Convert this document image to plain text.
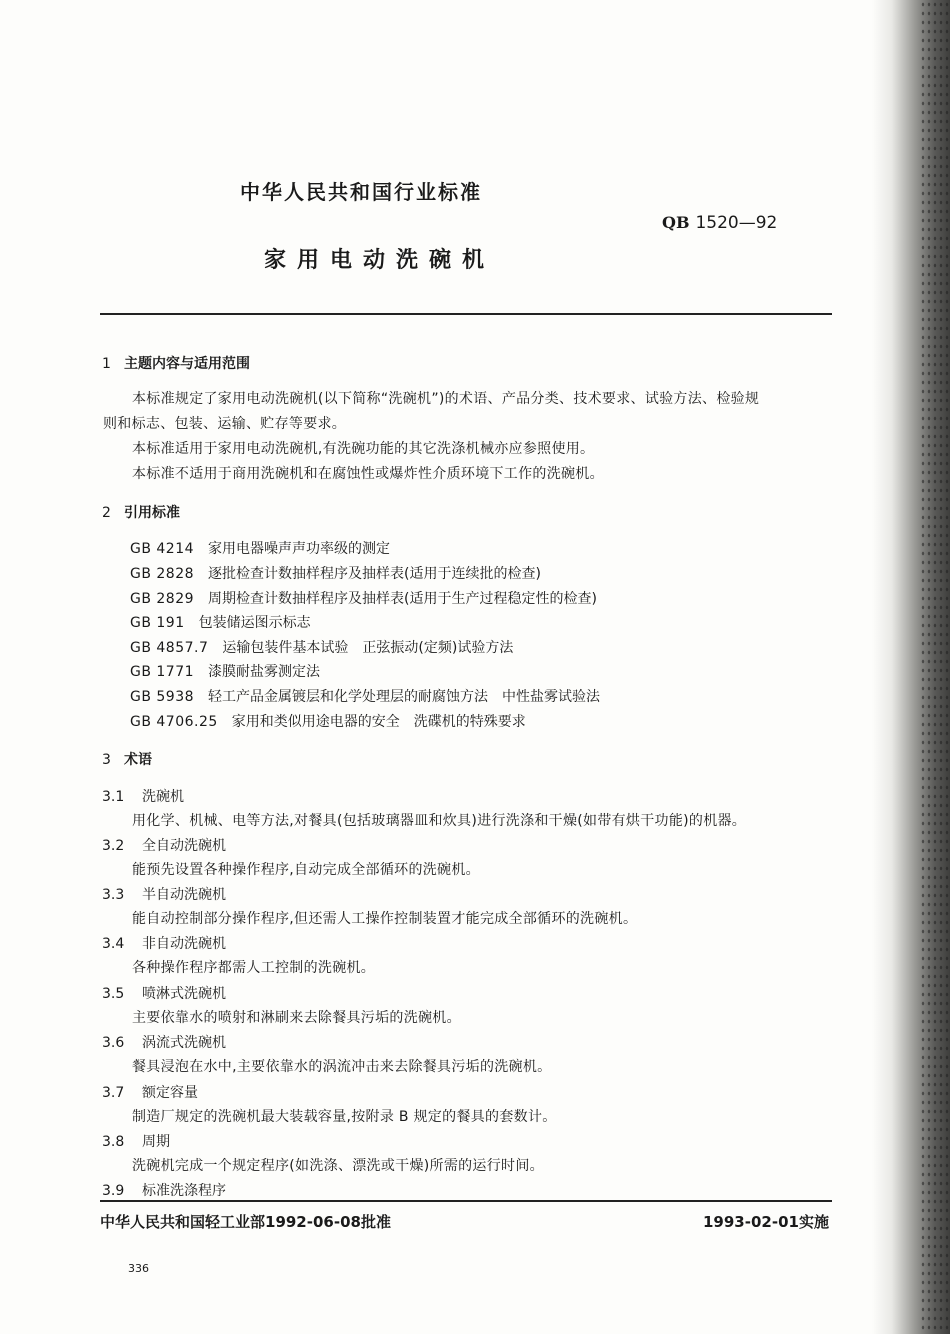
中华人民共和国行业标准
QB 1520—92
家用电动洗碗机
1 主题内容与适用范围
本标准规定了家用电动洗碗机(以下简称“洗碗机”)的术语、产品分类、技术要求、试验方法、检验规
则和标志、包装、运输、贮存等要求。
本标准适用于家用电动洗碗机,有洗碗功能的其它洗涤机械亦应参照使用。
本标准不适用于商用洗碗机和在腐蚀性或爆炸性介质环境下工作的洗碗机。
2 引用标准
GB 4214 家用电器噪声声功率级的测定
GB 2828 逐批检查计数抽样程序及抽样表(适用于连续批的检查)
GB 2829 周期检查计数抽样程序及抽样表(适用于生产过程稳定性的检查)
GB 191 包装储运图示标志
GB 4857.7 运输包装件基本试验　正弦振动(定频)试验方法
GB 1771 漆膜耐盐雾测定法
GB 5938 轻工产品金属镀层和化学处理层的耐腐蚀方法　中性盐雾试验法
GB 4706.25 家用和类似用途电器的安全　洗碟机的特殊要求
3 术语
3.1 洗碗机
用化学、机械、电等方法,对餐具(包括玻璃器皿和炊具)进行洗涤和干燥(如带有烘干功能)的机器。
3.2 全自动洗碗机
能预先设置各种操作程序,自动完成全部循环的洗碗机。
3.3 半自动洗碗机
能自动控制部分操作程序,但还需人工操作控制装置才能完成全部循环的洗碗机。
3.4 非自动洗碗机
各种操作程序都需人工控制的洗碗机。
3.5 喷淋式洗碗机
主要依靠水的喷射和淋刷来去除餐具污垢的洗碗机。
3.6 涡流式洗碗机
餐具浸泡在水中,主要依靠水的涡流冲击来去除餐具污垢的洗碗机。
3.7 额定容量
制造厂规定的洗碗机最大装载容量,按附录 B 规定的餐具的套数计。
3.8 周期
洗碗机完成一个规定程序(如洗涤、漂洗或干燥)所需的运行时间。
3.9 标准洗涤程序
中华人民共和国轻工业部1992-06-08批准	1993-02-01实施
336
